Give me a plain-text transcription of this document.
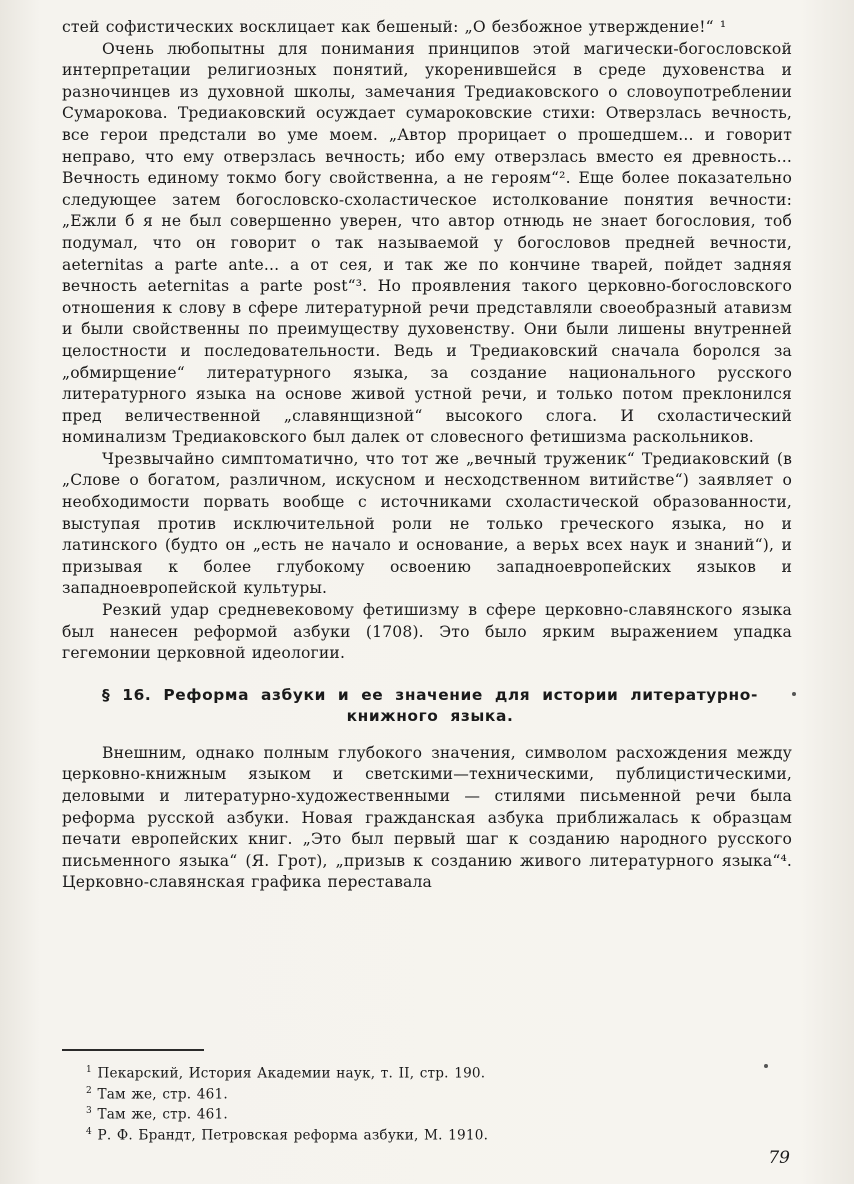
стей софистических восклицает как бешеный: „О безбожное утверждение!“ ¹

Очень любопытны для понимания принципов этой магически-богословской интерпретации религиозных понятий, укоренившейся в среде духовенства и разночинцев из духовной школы, замечания Тредиаковского о словоупотреблении Сумарокова. Тредиаковский осуждает сумароковские стихи: Отверзлась вечность, все герои предстали во уме моем. „Автор прорицает о прошедшем... и говорит неправо, что ему отверзлась вечность; ибо ему отверзлась вместо ея древность... Вечность единому токмо богу свойственна, а не героям“². Еще более показательно следующее затем богословско-схоластическое истолкование понятия вечности: „Ежли б я не был совершенно уверен, что автор отнюдь не знает богословия, тоб подумал, что он говорит о так называемой у богословов предней вечности, aeternitas a parte ante... а от сея, и так же по кончине тварей, пойдет задняя вечность aeternitas a parte post“³. Но проявления такого церковно-богословского отношения к слову в сфере литературной речи представляли своеобразный атавизм и были свойственны по преимуществу духовенству. Они были лишены внутренней целостности и последовательности. Ведь и Тредиаковский сначала боролся за „обмирщение“ литературного языка, за создание национального русского литературного языка на основе живой устной речи, и только потом преклонился пред величественной „славянщизной“ высокого слога. И схоластический номинализм Тредиаковского был далек от словесного фетишизма раскольников.

Чрезвычайно симптоматично, что тот же „вечный труженик“ Тредиаковский (в „Слове о богатом, различном, искусном и несходственном витийстве“) заявляет о необходимости порвать вообще с источниками схоластической образованности, выступая против исключительной роли не только греческого языка, но и латинского (будто он „есть не начало и основание, а верьх всех наук и знаний“), и призывая к более глубокому освоению западноевропейских языков и западноевропейской культуры.

Резкий удар средневековому фетишизму в сфере церковно-славянского языка был нанесен реформой азбуки (1708). Это было ярким выражением упадка гегемонии церковной идеологии.

§ 16. Реформа азбуки и ее значение для истории литературно-книжного языка.

Внешним, однако полным глубокого значения, символом расхождения между церковно-книжным языком и светскими—техническими, публицистическими, деловыми и литературно-художественными — стилями письменной речи была реформа русской азбуки. Новая гражданская азбука приближалась к образцам печати европейских книг. „Это был первый шаг к созданию народного русского письменного языка“ (Я. Грот), „призыв к созданию живого литературного языка“⁴. Церковно-славянская графика переставала

$^1$ Пекарский, История Академии наук, т. II, стр. 190.

$^2$ Там же, стр. 461.

$^3$ Там же, стр. 461.

$^4$ Р. Ф. Брандт, Петровская реформа азбуки, М. 1910.

79
